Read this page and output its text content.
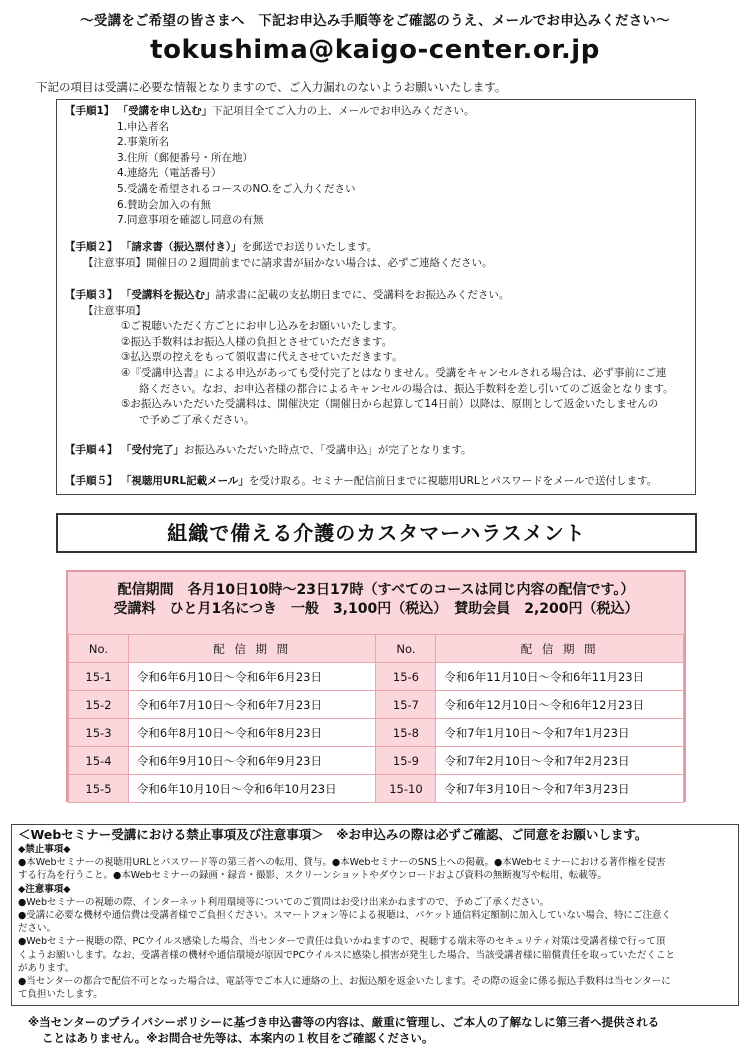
～受講をご希望の皆さまへ　下記お申込み手順等をご確認のうえ、メールでお申込みください～
tokushima@kaigo-center.or.jp
下記の項目は受講に必要な情報となりますので、ご入力漏れのないようお願いいたします。
【手順1】 「受講を申し込む」下記項目全てご入力の上、メールでお申込みください。
1.申込者名
2.事業所名
3.住所（郵便番号・所在地）
4.連絡先（電話番号）
5.受講を希望されるコースのNO.をご入力ください
6.賛助会加入の有無
7.同意事項を確認し同意の有無
【手順２】 「請求書（振込票付き）」を郵送でお送りいたします。
【注意事項】開催日の２週間前までに請求書が届かない場合は、必ずご連絡ください。
【手順３】 「受講料を振込む」請求書に記載の支払期日までに、受講料をお振込みください。
【注意事項】
①ご視聴いただく方ごとにお申し込みをお願いいたします。
②振込手数料はお振込人様の負担とさせていただきます。
③払込票の控えをもって領収書に代えさせていただきます。
④『受講申込書』による申込があっても受付完了とはなりません。受講をキャンセルされる場合は、必ず事前にご連
絡ください。なお、お申込者様の都合によるキャンセルの場合は、振込手数料を差し引いてのご返金となります。
⑤お振込みいただいた受講料は、開催決定（開催日から起算して14日前）以降は、原則として返金いたしませんの
で予めご了承ください。
【手順４】 「受付完了」お振込みいただいた時点で、「受講申込」が完了となります。
【手順５】 「視聴用URL記載メール」を受け取る。セミナー配信前日までに視聴用URLとパスワードをメールで送付します。
組織で備える介護のカスタマーハラスメント
配信期間　各月10日10時～23日17時（すべてのコースは同じ内容の配信です。）
受講料　ひと月1名につき　一般　3,100円（税込）　賛助会員　2,200円（税込）
No.	配 信 期 間	No.	配 信 期 間
15-1	令和6年6月10日～令和6年6月23日	15-6	令和6年11月10日～令和6年11月23日
15-2	令和6年7月10日～令和6年7月23日	15-7	令和6年12月10日～令和6年12月23日
15-3	令和6年8月10日～令和6年8月23日	15-8	令和7年1月10日～令和7年1月23日
15-4	令和6年9月10日～令和6年9月23日	15-9	令和7年2月10日～令和7年2月23日
15-5	令和6年10月10日～令和6年10月23日	15-10	令和7年3月10日～令和7年3月23日
＜Webセミナー受講における禁止事項及び注意事項＞　※お申込みの際は必ずご確認、ご同意をお願いします。
◆禁止事項◆
●本Webセミナーの視聴用URLとパスワード等の第三者への転用、貸与。●本WebセミナーのSNS上への掲載。●本Webセミナーにおける著作権を侵害
する行為を行うこと。●本Webセミナーの録画・録音・撮影、スクリーンショットやダウンロードおよび資料の無断複写や転用、転載等。
◆注意事項◆
●Webセミナーの視聴の際、インターネット利用環境等についてのご質問はお受け出来かねますので、予めご了承ください。
●受講に必要な機材や通信費は受講者様でご負担ください。スマートフォン等による視聴は、パケット通信料定額制に加入していない場合、特にご注意く
ださい。
●Webセミナー視聴の際、PCウイルス感染した場合、当センターで責任は負いかねますので、視聴する端末等のセキュリティ対策は受講者様で行って頂
くようお願いします。なお、受講者様の機材や通信環境が原因でPCウイルスに感染し損害が発生した場合、当該受講者様に賠償責任を取っていただくこと
があります。
●当センターの都合で配信不可となった場合は、電話等でご本人に連絡の上、お振込額を返金いたします。その際の返金に係る振込手数料は当センターに
て負担いたします。
※当センターのプライバシーポリシーに基づき申込書等の内容は、厳重に管理し、ご本人の了解なしに第三者へ提供される
ことはありません。※お問合せ先等は、本案内の１枚目をご確認ください。
